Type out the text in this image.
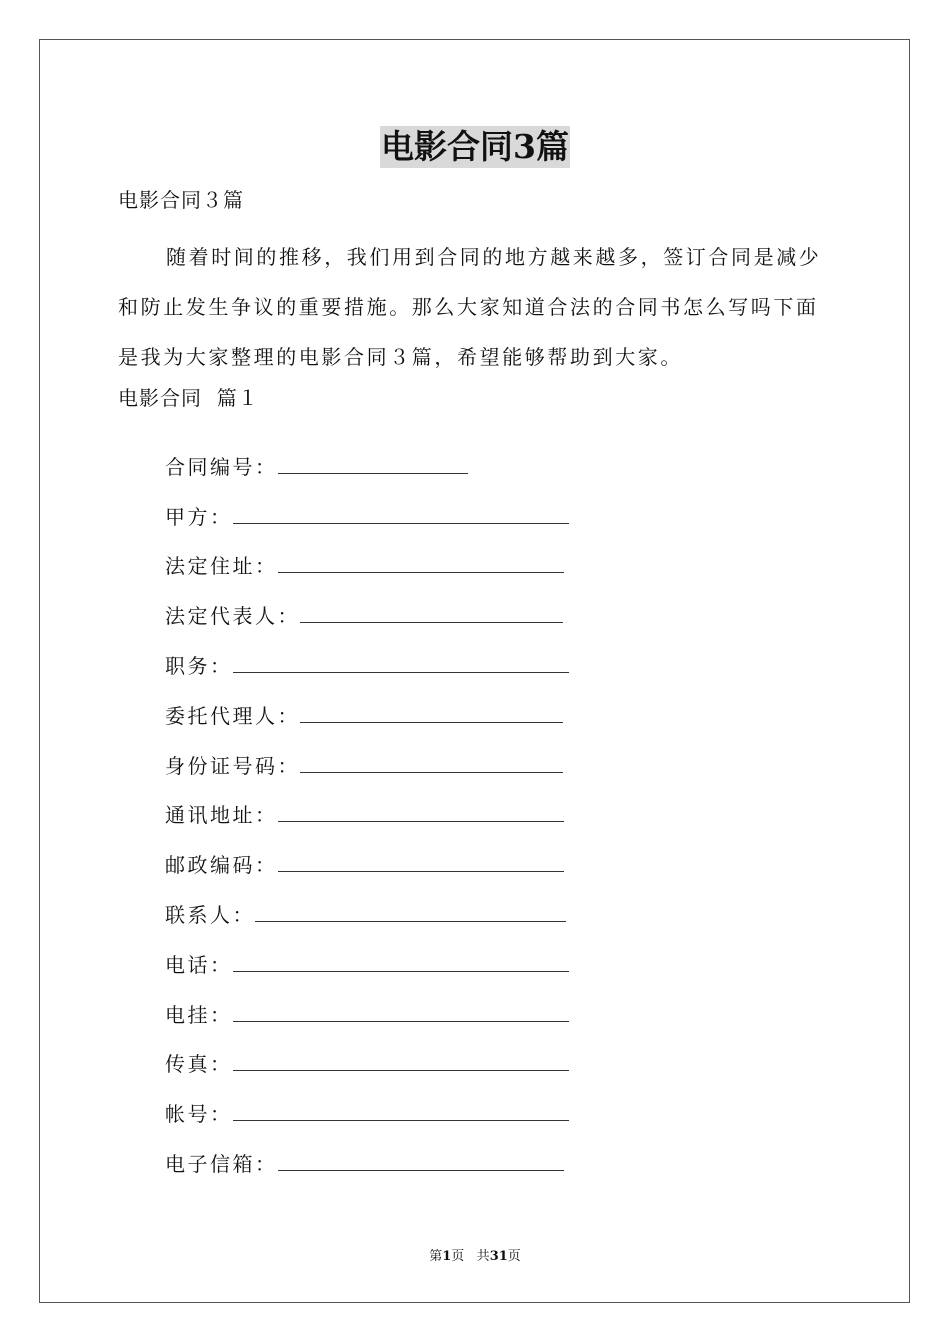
电影合同3篇
电影合同３篇
随着时间的推移，我们用到合同的地方越来越多，签订合同是减少和防止发生争议的重要措施。那么大家知道合法的合同书怎么写吗下面是我为大家整理的电影合同３篇，希望能够帮助到大家。
电影合同  篇１
合同编号：
甲方：
法定住址：
法定代表人：
职务：
委托代理人：
身份证号码：
通讯地址：
邮政编码：
联系人：
电话：
电挂：
传真：
帐号：
电子信箱：
第1页 共31页
